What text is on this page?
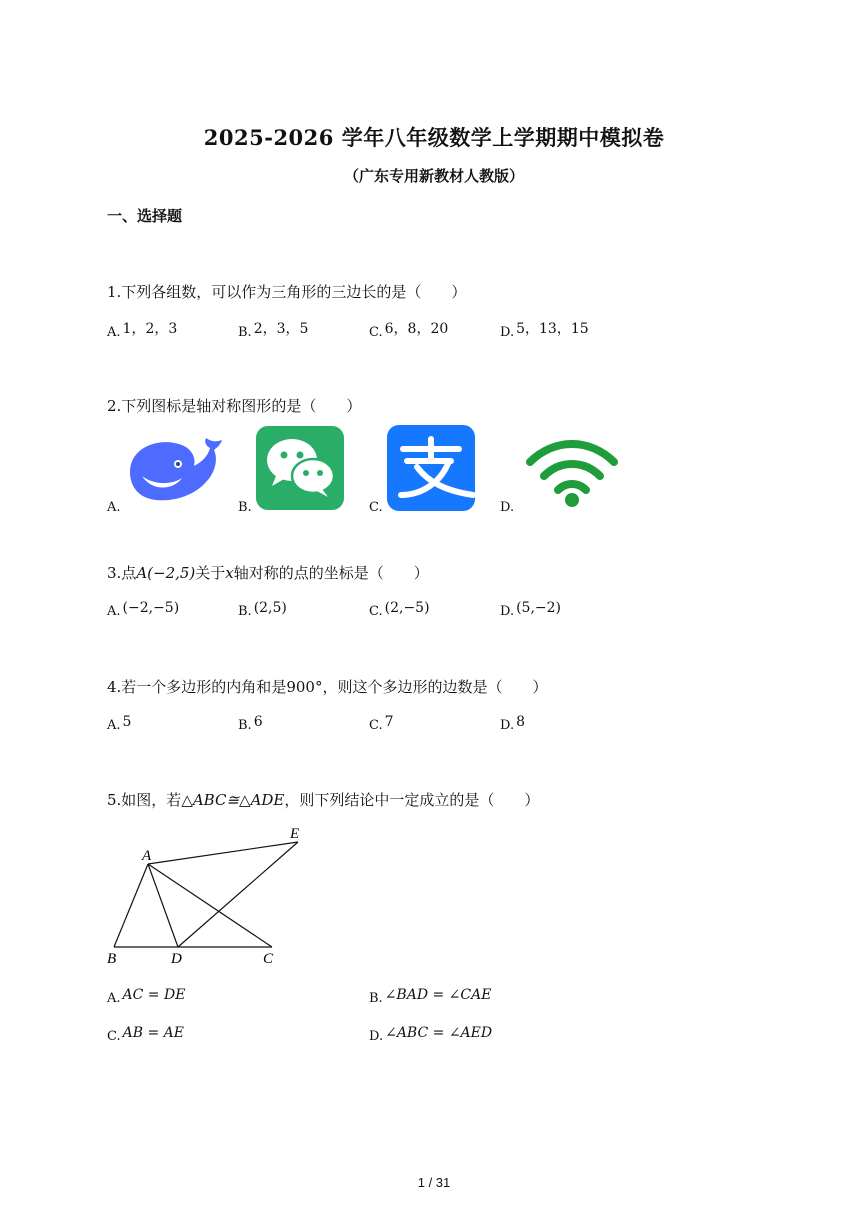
2025-2026 学年八年级数学上学期期中模拟卷
（广东专用新教材人教版）
一、选择题
1.下列各组数，可以作为三角形的三边长的是（　　）
A. 1，2，3	B. 2，3，5	C. 6，8，20	D. 5，13，15
2.下列图标是轴对称图形的是（　　）
A.	B.	C.	D.
3.点A(−2,5)关于x轴对称的点的坐标是（　　）
A. (−2,−5)	B. (2,5)	C. (2,−5)	D. (5,−2)
4.若一个多边形的内角和是900°，则这个多边形的边数是（　　）
A. 5	B. 6	C. 7	D. 8
5.如图，若△ABC≅△ADE，则下列结论中一定成立的是（　　）
A
B	C
D
E
A. AC = DE	B. ∠BAD = ∠CAE
C. AB = AE	D. ∠ABC = ∠AED
1 / 31
